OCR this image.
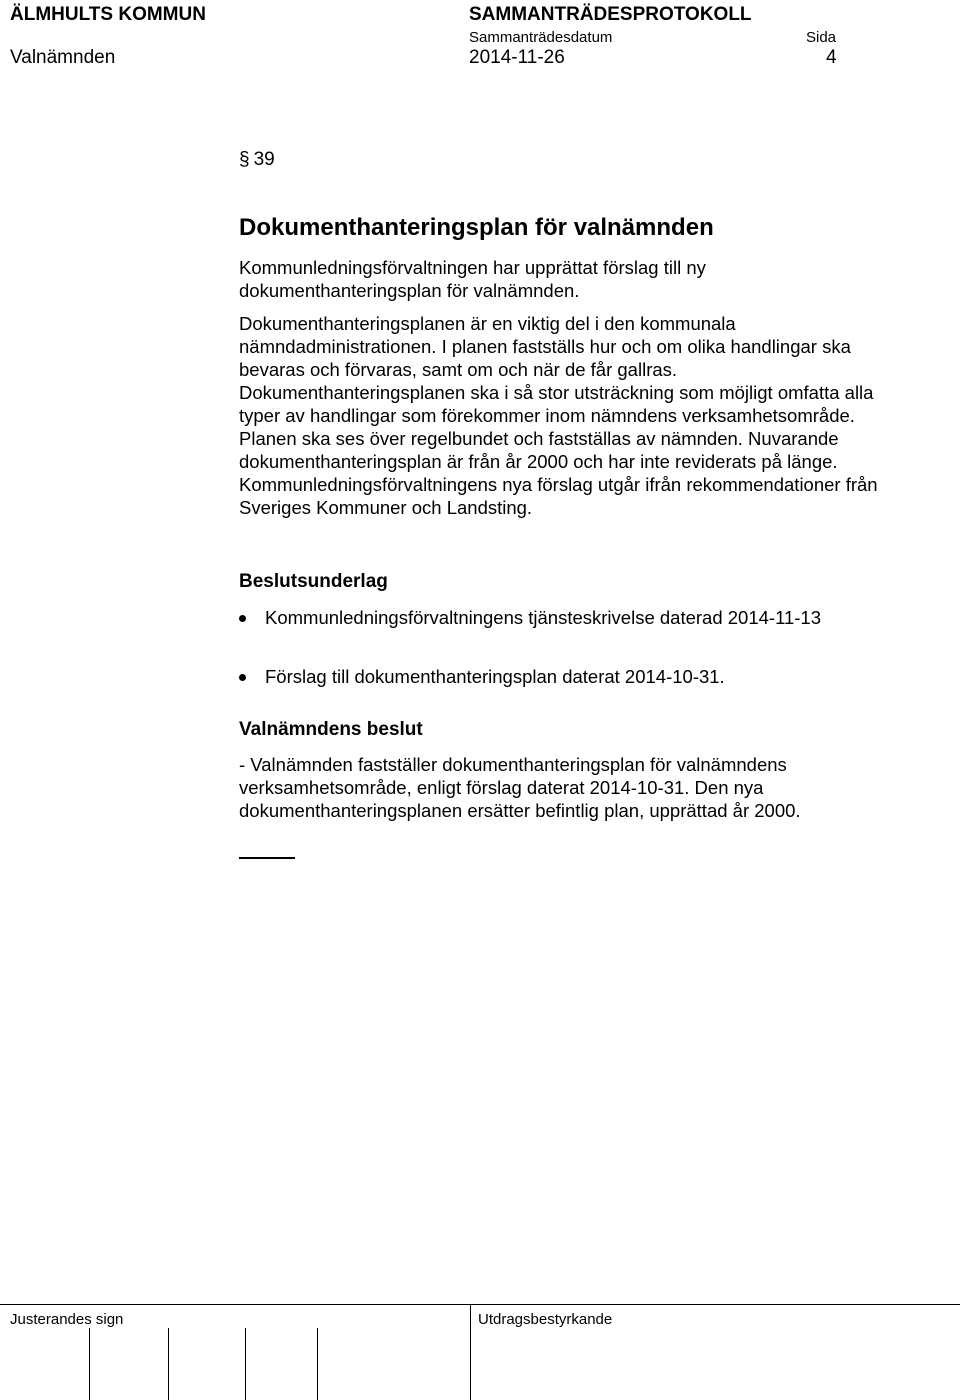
ÄLMHULTS KOMMUN	SAMMANTRÄDESPROTOKOLL
Sammanträdesdatum	Sida
Valnämnden	2014-11-26	4
§ 39
Dokumenthanteringsplan för valnämnden

Kommunledningsförvaltningen har upprättat förslag till ny dokumenthanteringsplan för valnämnden.

Dokumenthanteringsplanen är en viktig del i den kommunala nämndadministrationen. I planen fastställs hur och om olika handlingar ska bevaras och förvaras, samt om och när de får gallras. Dokumenthanteringsplanen ska i så stor utsträckning som möjligt omfatta alla typer av handlingar som förekommer inom nämndens verksamhetsområde. Planen ska ses över regelbundet och fastställas av nämnden. Nuvarande dokumenthanteringsplan är från år 2000 och har inte reviderats på länge. Kommunledningsförvaltningens nya förslag utgår ifrån rekommendationer från Sveriges Kommuner och Landsting.

Beslutsunderlag
Kommunledningsförvaltningens tjänsteskrivelse daterad 2014-11-13
Förslag till dokumenthanteringsplan daterat 2014-10-31.
Valnämndens beslut

- Valnämnden fastställer dokumenthanteringsplan för valnämndens verksamhetsområde, enligt förslag daterat 2014-10-31. Den nya dokumenthanteringsplanen ersätter befintlig plan, upprättad år 2000.

Justerandes sign	Utdragsbestyrkande
